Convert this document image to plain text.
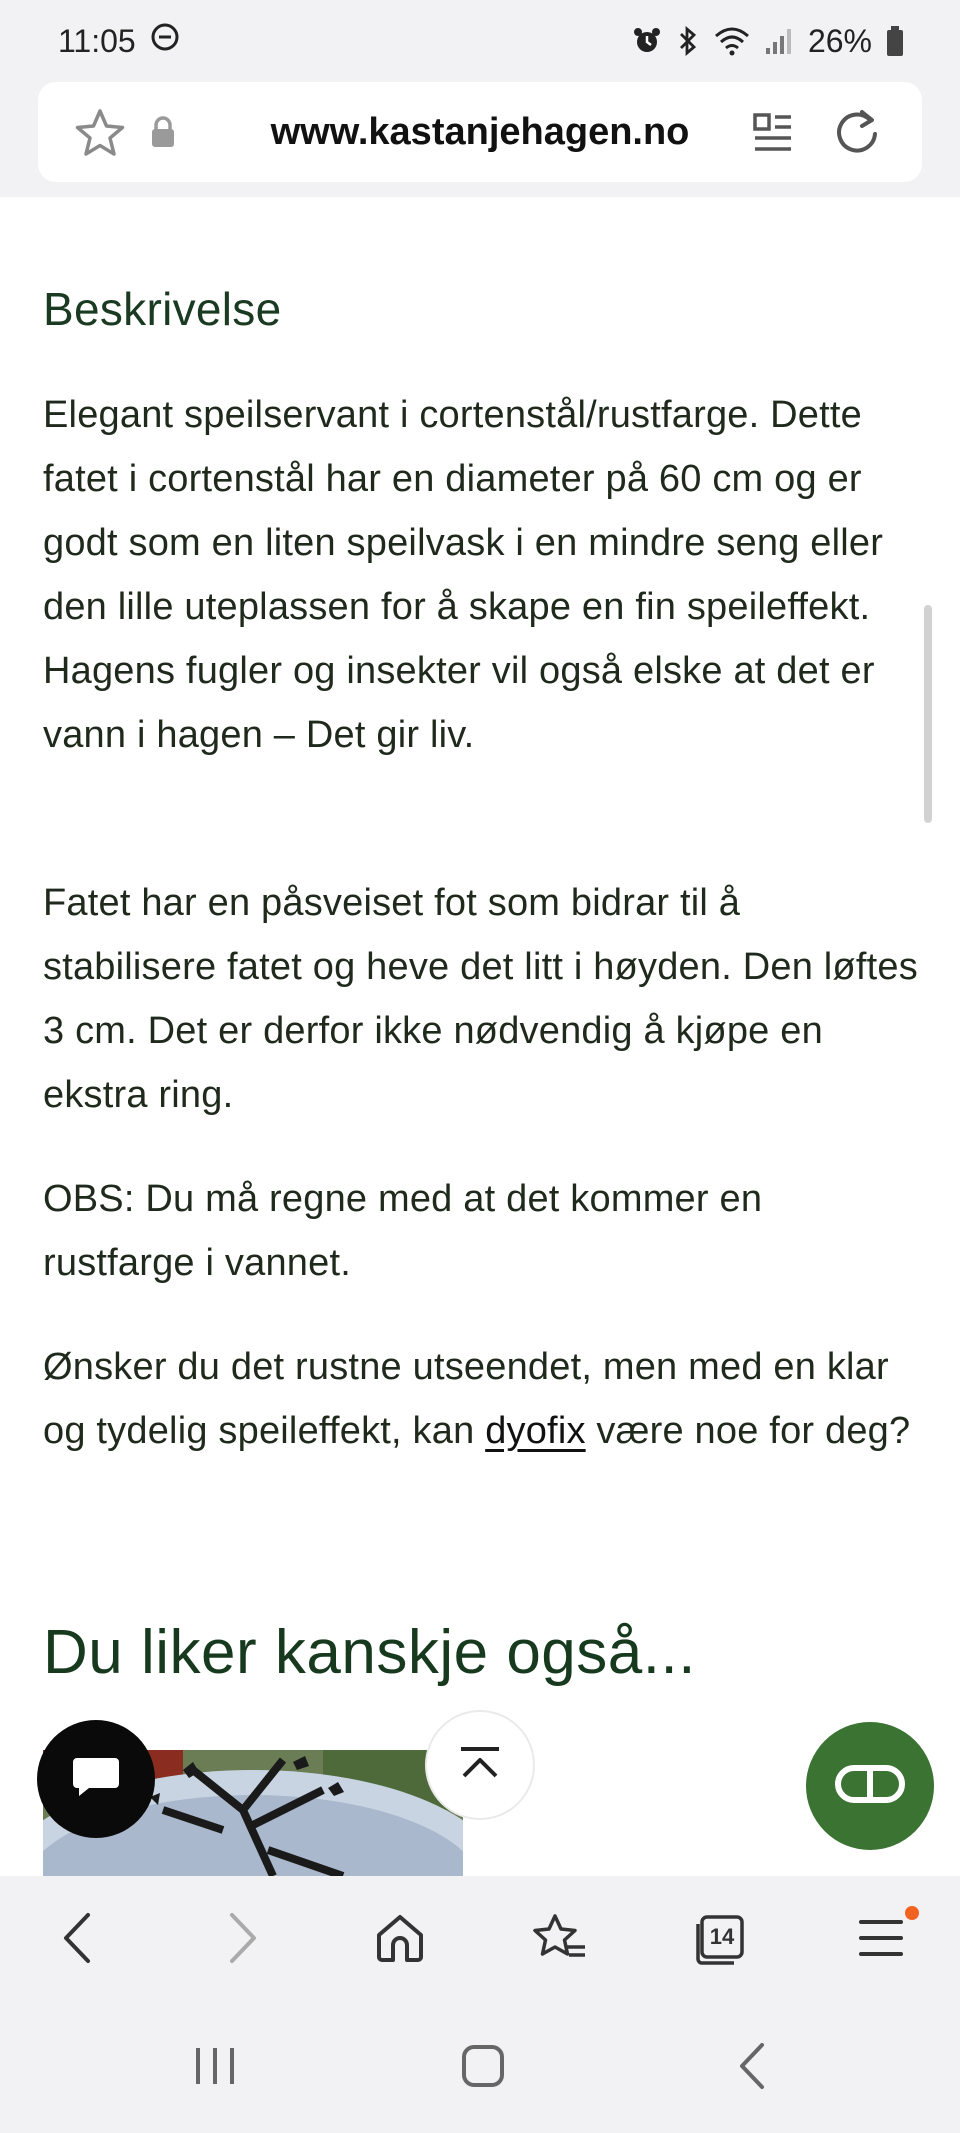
11:05	26%
www.kastanjehagen.no
Beskrivelse

Elegant speilservant i cortenstål/rustfarge. Dette fatet i cortenstål har en diameter på 60 cm og er godt som en liten speilvask i en mindre seng eller den lille uteplassen for å skape en fin speileffekt. Hagens fugler og insekter vil også elske at det er vann i hagen – Det gir liv.

Fatet har en påsveiset fot som bidrar til å stabilisere fatet og heve det litt i høyden. Den løftes 3 cm. Det er derfor ikke nødvendig å kjøpe en ekstra ring.

OBS: Du må regne med at det kommer en rustfarge i vannet.

Ønsker du det rustne utseendet, men med en klar og tydelig speileffekt, kan dyofix være noe for deg?

Du liker kanskje også...
14
